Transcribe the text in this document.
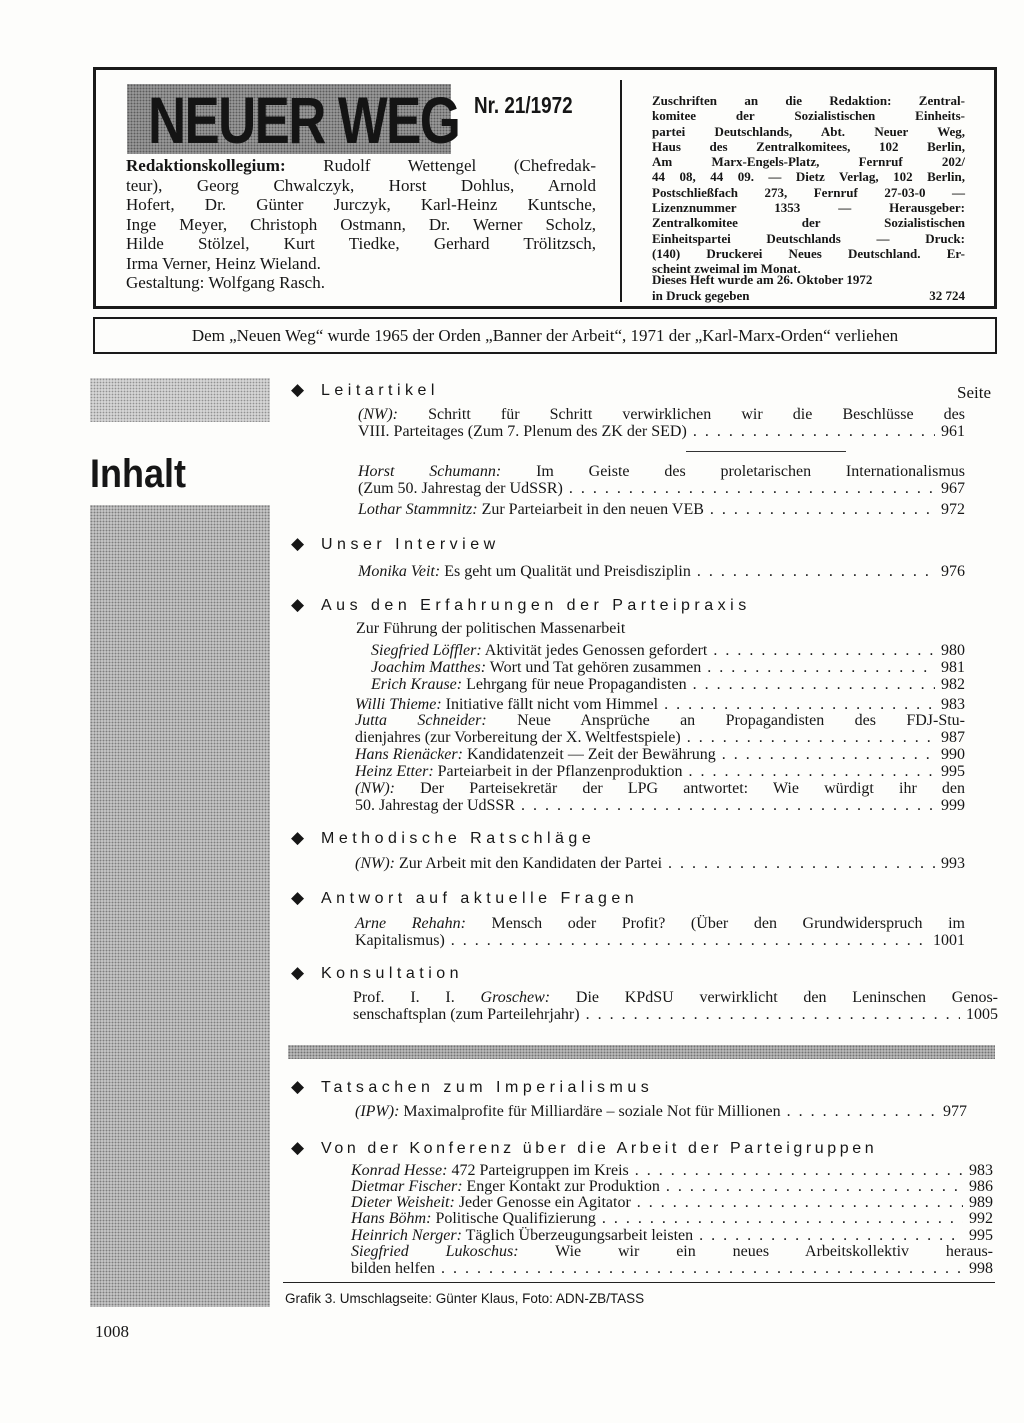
NEUER WEG Nr. 21/1972

Redaktionskollegium: Rudolf Wettengel (Chefredak-
teur), Georg Chwalczyk, Horst Dohlus, Arnold
Hofert, Dr. Günter Jurczyk, Karl-Heinz Kuntsche,
Inge Meyer, Christoph Ostmann, Dr. Werner Scholz,
Hilde Stölzel, Kurt Tiedke, Gerhard Trölitzsch,
Irma Verner, Heinz Wieland.
Gestaltung: Wolfgang Rasch.

Zuschriften an die Redaktion: Zentral-
komitee der Sozialistischen Einheits-
partei Deutschlands, Abt. Neuer Weg,
Haus des Zentralkomitees, 102 Berlin,
Am Marx-Engels-Platz, Fernruf 202/
44 08, 44 09. — Dietz Verlag, 102 Berlin,
Postschließfach 273, Fernruf 27-03-0 —
Lizenznummer 1353 — Herausgeber:
Zentralkomitee der Sozialistischen
Einheitspartei Deutschlands — Druck:
(140) Druckerei Neues Deutschland. Er-
scheint zweimal im Monat.

Dieses Heft wurde am 26. Oktober 1972
in Druck gegeben	32 724

Dem „Neuen Weg“ wurde 1965 der Orden „Banner der Arbeit“, 1971 der „Karl-Marx-Orden“ verliehen
Inhalt

1008

Seite

◆ Leitartikel

(NW): Schritt für Schritt verwirklichen wir die Beschlüsse des
VIII. Parteitages (Zum 7. Plenum des ZK der SED) . . .	961
Horst Schumann: Im Geiste des proletarischen Internationalismus
(Zum 50. Jahrestag der UdSSR) . . .	967
Lothar Stammnitz: Zur Parteiarbeit in den neuen VEB . . .	972

◆ Unser Interview

Monika Veit: Es geht um Qualität und Preisdisziplin . . .	976

◆ Aus den Erfahrungen der Parteipraxis

Zur Führung der politischen Massenarbeit

Siegfried Löffler: Aktivität jedes Genossen gefordert . . .	980
Joachim Matthes: Wort und Tat gehören zusammen . . .	981
Erich Krause: Lehrgang für neue Propagandisten . . .	982
Willi Thieme: Initiative fällt nicht vom Himmel . . .	983
Jutta Schneider: Neue Ansprüche an Propagandisten des FDJ-Stu-
dienjahres (zur Vorbereitung der X. Weltfestspiele) . . .	987
Hans Rienäcker: Kandidatenzeit — Zeit der Bewährung . . .	990
Heinz Etter: Parteiarbeit in der Pflanzenproduktion . . .	995
(NW): Der Parteisekretär der LPG antwortet: Wie würdigt ihr den
50. Jahrestag der UdSSR . . .	999

◆ Methodische Ratschläge

(NW): Zur Arbeit mit den Kandidaten der Partei . . .	993

◆ Antwort auf aktuelle Fragen

Arne Rehahn: Mensch oder Profit? (Über den Grundwiderspruch im
Kapitalismus) . . .	1001

◆ Konsultation

Prof. I. I. Groschew: Die KPdSU verwirklicht den Leninschen Genos-
senschaftsplan (zum Parteilehrjahr) . . .	1005

◆ Tatsachen zum Imperialismus

(IPW): Maximalprofite für Milliardäre – soziale Not für Millionen . . .	977

◆ Von der Konferenz über die Arbeit der Parteigruppen

Konrad Hesse: 472 Parteigruppen im Kreis . . .	983
Dietmar Fischer: Enger Kontakt zur Produktion . . .	986
Dieter Weisheit: Jeder Genosse ein Agitator . . .	989
Hans Böhm: Politische Qualifizierung . . .	992
Heinrich Nerger: Täglich Überzeugungsarbeit leisten . . .	995
Siegfried Lukoschus: Wie wir ein neues Arbeitskollektiv heraus-
bilden helfen . . .	998

Grafik 3. Umschlagseite: Günter Klaus, Foto: ADN-ZB/TASS
